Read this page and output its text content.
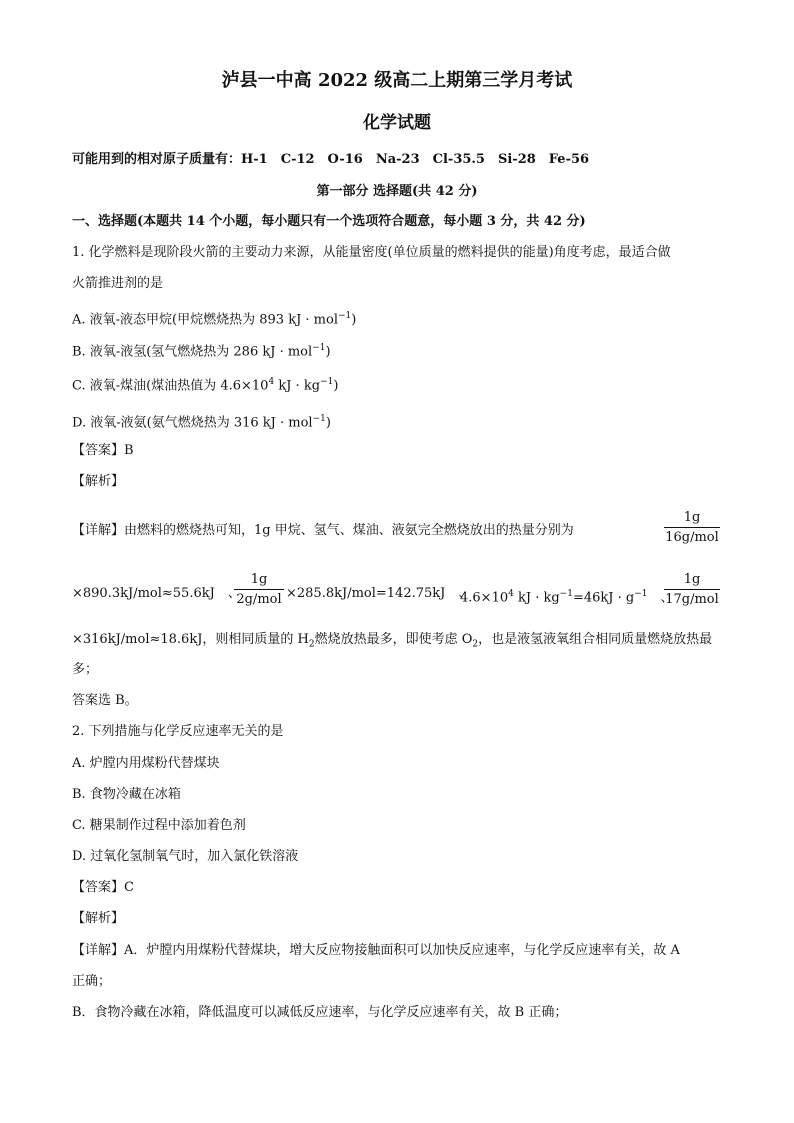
泸县一中高 2022 级高二上期第三学月考试
化学试题
可能用到的相对原子质量有：H-1　C-12　O-16　Na-23　Cl-35.5　Si-28　Fe-56
第一部分 选择题(共 42 分)
一、选择题(本题共 14 个小题，每小题只有一个选项符合题意，每小题 3 分，共 42 分)
1. 化学燃料是现阶段火箭的主要动力来源，从能量密度(单位质量的燃料提供的能量)角度考虑，最适合做
火箭推进剂的是
A. 液氧-液态甲烷(甲烷燃烧热为 893 kJ · mol$^{-1}$)
B. 液氧-液氢(氢气燃烧热为 286 kJ · mol$^{-1}$)
C. 液氧-煤油(煤油热值为 $4.6\times 10^4$ kJ · $kg^{-1}$)
D. 液氧-液氨(氨气燃烧热为 316 kJ · mol$^{-1}$)
【答案】B
【解析】
【详解】由燃料的燃烧热可知，1g 甲烷、氢气、煤油、液氨完全燃烧放出的热量分别为
1g
16g/mol
×890.3kJ/mol≈55.6kJ　、
1g
2g/mol ×285.8kJ/mol=142.75kJ　、
$4.6\times 10^4$ kJ · $kg^{-1}=46kJ \cdot g^{-1}$　、
1g
17g/mol
×316kJ/mol≈18.6kJ，则相同质量的 $H_2$燃烧放热最多，即使考虑 $O_2$，也是液氢液氧组合相同质量燃烧放热最
多；
答案选 B。
2. 下列措施与化学反应速率无关的是
A. 炉膛内用煤粉代替煤块
B. 食物冷藏在冰箱
C. 糖果制作过程中添加着色剂
D. 过氧化氢制氧气时，加入氯化铁溶液
【答案】C
【解析】
【详解】A．炉膛内用煤粉代替煤块，增大反应物接触面积可以加快反应速率，与化学反应速率有关，故 A
正确；
B．食物冷藏在冰箱，降低温度可以减低反应速率，与化学反应速率有关，故 B 正确；
